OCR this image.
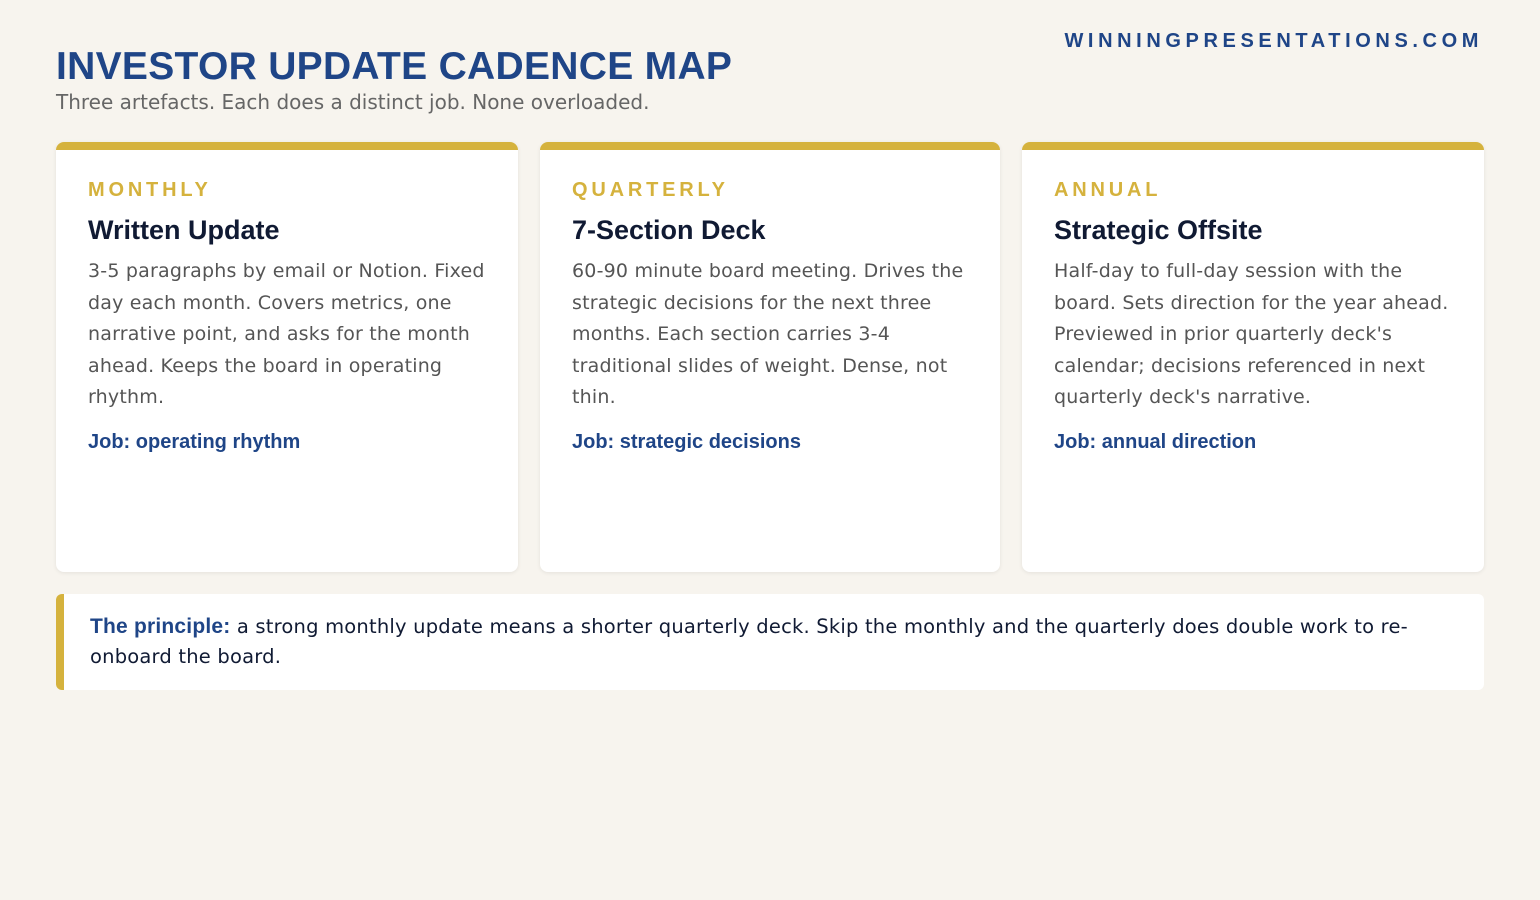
WINNINGPRESENTATIONS.COM
INVESTOR UPDATE CADENCE MAP

Three artefacts. Each does a distinct job. None overloaded.

MONTHLY
Written Update
3-5 paragraphs by email or Notion. Fixed day each month. Covers metrics, one narrative point, and asks for the month ahead. Keeps the board in operating rhythm.
Job: operating rhythm
QUARTERLY
7-Section Deck
60-90 minute board meeting. Drives the strategic decisions for the next three months. Each section carries 3-4 traditional slides of weight. Dense, not thin.
Job: strategic decisions
ANNUAL
Strategic Offsite
Half-day to full-day session with the board. Sets direction for the year ahead. Previewed in prior quarterly deck's calendar; decisions referenced in next quarterly deck's narrative.
Job: annual direction
The principle: a strong monthly update means a shorter quarterly deck. Skip the monthly and the quarterly does double work to re-onboard the board.
